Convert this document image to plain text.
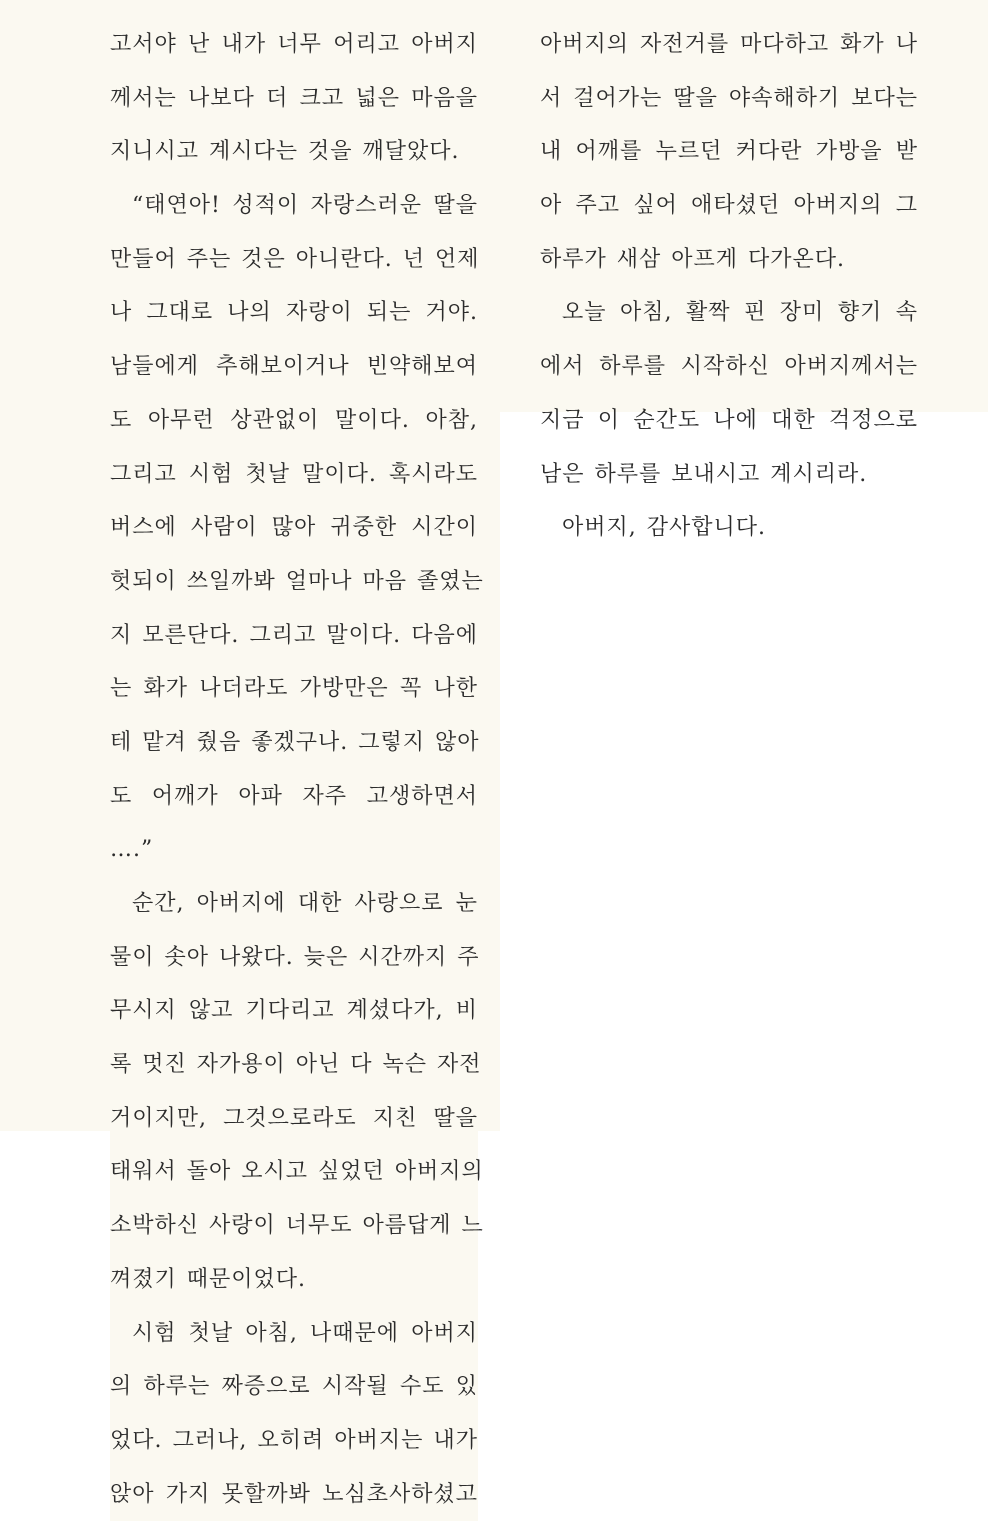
고서야 난 내가 너무 어리고 아버지
께서는 나보다 더 크고 넓은 마음을
지니시고 계시다는 것을 깨달았다.
“태연아! 성적이 자랑스러운 딸을
만들어 주는 것은 아니란다. 넌 언제
나 그대로 나의 자랑이 되는 거야.
남들에게 추해보이거나 빈약해보여
도 아무런 상관없이 말이다. 아참,
그리고 시험 첫날 말이다. 혹시라도
버스에 사람이 많아 귀중한 시간이
헛되이 쓰일까봐 얼마나 마음 졸였는
지 모른단다. 그리고 말이다. 다음에
는 화가 나더라도 가방만은 꼭 나한
테 맡겨 줬음 좋겠구나. 그렇지 않아
도 어깨가 아파 자주 고생하면서
….”
순간, 아버지에 대한 사랑으로 눈
물이 솟아 나왔다. 늦은 시간까지 주
무시지 않고 기다리고 계셨다가, 비
록 멋진 자가용이 아닌 다 녹슨 자전
거이지만, 그것으로라도 지친 딸을
태워서 돌아 오시고 싶었던 아버지의
소박하신 사랑이 너무도 아름답게 느
껴졌기 때문이었다.
시험 첫날 아침, 나때문에 아버지
의 하루는 짜증으로 시작될 수도 있
었다. 그러나, 오히려 아버지는 내가
앉아 가지 못할까봐 노심초사하셨고
아버지의 자전거를 마다하고 화가 나
서 걸어가는 딸을 야속해하기 보다는
내 어깨를 누르던 커다란 가방을 받
아 주고 싶어 애타셨던 아버지의 그
하루가 새삼 아프게 다가온다.
오늘 아침, 활짝 핀 장미 향기 속
에서 하루를 시작하신 아버지께서는
지금 이 순간도 나에 대한 걱정으로
남은 하루를 보내시고 계시리라.
아버지, 감사합니다.
